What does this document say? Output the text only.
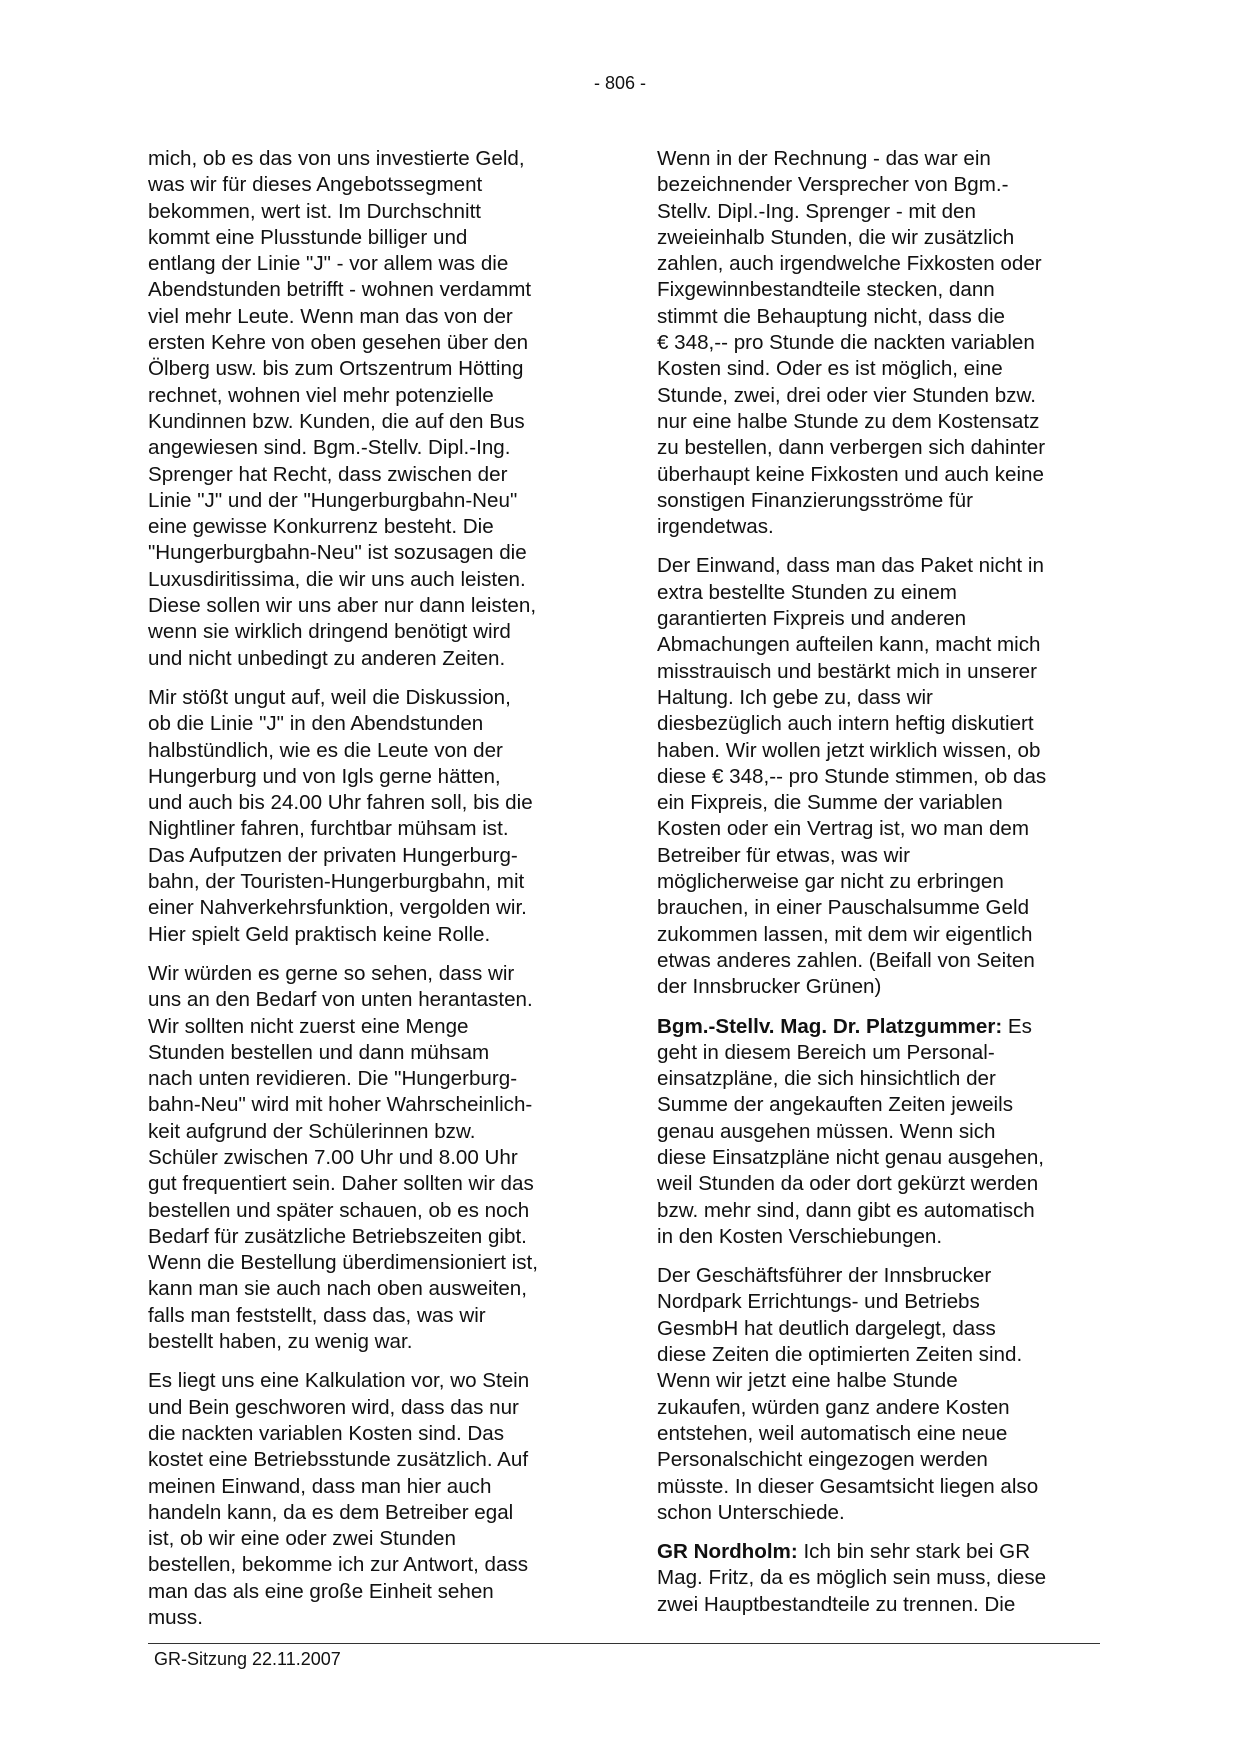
- 806 -

mich, ob es das von uns investierte Geld,
was wir für dieses Angebotssegment
bekommen, wert ist. Im Durchschnitt
kommt eine Plusstunde billiger und
entlang der Linie "J" - vor allem was die
Abendstunden betrifft - wohnen verdammt
viel mehr Leute. Wenn man das von der
ersten Kehre von oben gesehen über den
Ölberg usw. bis zum Ortszentrum Hötting
rechnet, wohnen viel mehr potenzielle
Kundinnen bzw. Kunden, die auf den Bus
angewiesen sind. Bgm.-Stellv. Dipl.-Ing.
Sprenger hat Recht, dass zwischen der
Linie "J" und der "Hungerburgbahn-Neu"
eine gewisse Konkurrenz besteht. Die
"Hungerburgbahn-Neu" ist sozusagen die
Luxusdiritissima, die wir uns auch leisten.
Diese sollen wir uns aber nur dann leisten,
wenn sie wirklich dringend benötigt wird
und nicht unbedingt zu anderen Zeiten.

Mir stößt ungut auf, weil die Diskussion,
ob die Linie "J" in den Abendstunden
halbstündlich, wie es die Leute von der
Hungerburg und von Igls gerne hätten,
und auch bis 24.00 Uhr fahren soll, bis die
Nightliner fahren, furchtbar mühsam ist.
Das Aufputzen der privaten Hungerburg-
bahn, der Touristen-Hungerburgbahn, mit
einer Nahverkehrsfunktion, vergolden wir.
Hier spielt Geld praktisch keine Rolle.

Wir würden es gerne so sehen, dass wir
uns an den Bedarf von unten herantasten.
Wir sollten nicht zuerst eine Menge
Stunden bestellen und dann mühsam
nach unten revidieren. Die "Hungerburg-
bahn-Neu" wird mit hoher Wahrscheinlich-
keit aufgrund der Schülerinnen bzw.
Schüler zwischen 7.00 Uhr und 8.00 Uhr
gut frequentiert sein. Daher sollten wir das
bestellen und später schauen, ob es noch
Bedarf für zusätzliche Betriebszeiten gibt.
Wenn die Bestellung überdimensioniert ist,
kann man sie auch nach oben ausweiten,
falls man feststellt, dass das, was wir
bestellt haben, zu wenig war.

Es liegt uns eine Kalkulation vor, wo Stein
und Bein geschworen wird, dass das nur
die nackten variablen Kosten sind. Das
kostet eine Betriebsstunde zusätzlich. Auf
meinen Einwand, dass man hier auch
handeln kann, da es dem Betreiber egal
ist, ob wir eine oder zwei Stunden
bestellen, bekomme ich zur Antwort, dass
man das als eine große Einheit sehen
muss.

Wenn in der Rechnung - das war ein
bezeichnender Versprecher von Bgm.-
Stellv. Dipl.-Ing. Sprenger - mit den
zweieinhalb Stunden, die wir zusätzlich
zahlen, auch irgendwelche Fixkosten oder
Fixgewinnbestandteile stecken, dann
stimmt die Behauptung nicht, dass die
€ 348,-- pro Stunde die nackten variablen
Kosten sind. Oder es ist möglich, eine
Stunde, zwei, drei oder vier Stunden bzw.
nur eine halbe Stunde zu dem Kostensatz
zu bestellen, dann verbergen sich dahinter
überhaupt keine Fixkosten und auch keine
sonstigen Finanzierungsströme für
irgendetwas.

Der Einwand, dass man das Paket nicht in
extra bestellte Stunden zu einem
garantierten Fixpreis und anderen
Abmachungen aufteilen kann, macht mich
misstrauisch und bestärkt mich in unserer
Haltung. Ich gebe zu, dass wir
diesbezüglich auch intern heftig diskutiert
haben. Wir wollen jetzt wirklich wissen, ob
diese € 348,-- pro Stunde stimmen, ob das
ein Fixpreis, die Summe der variablen
Kosten oder ein Vertrag ist, wo man dem
Betreiber für etwas, was wir
möglicherweise gar nicht zu erbringen
brauchen, in einer Pauschalsumme Geld
zukommen lassen, mit dem wir eigentlich
etwas anderes zahlen. (Beifall von Seiten
der Innsbrucker Grünen)

Bgm.-Stellv. Mag. Dr. Platzgummer: Es
geht in diesem Bereich um Personal-
einsatzpläne, die sich hinsichtlich der
Summe der angekauften Zeiten jeweils
genau ausgehen müssen. Wenn sich
diese Einsatzpläne nicht genau ausgehen,
weil Stunden da oder dort gekürzt werden
bzw. mehr sind, dann gibt es automatisch
in den Kosten Verschiebungen.

Der Geschäftsführer der Innsbrucker
Nordpark Errichtungs- und Betriebs
GesmbH hat deutlich dargelegt, dass
diese Zeiten die optimierten Zeiten sind.
Wenn wir jetzt eine halbe Stunde
zukaufen, würden ganz andere Kosten
entstehen, weil automatisch eine neue
Personalschicht eingezogen werden
müsste. In dieser Gesamtsicht liegen also
schon Unterschiede.

GR Nordholm: Ich bin sehr stark bei GR
Mag. Fritz, da es möglich sein muss, diese
zwei Hauptbestandteile zu trennen. Die

GR-Sitzung 22.11.2007
